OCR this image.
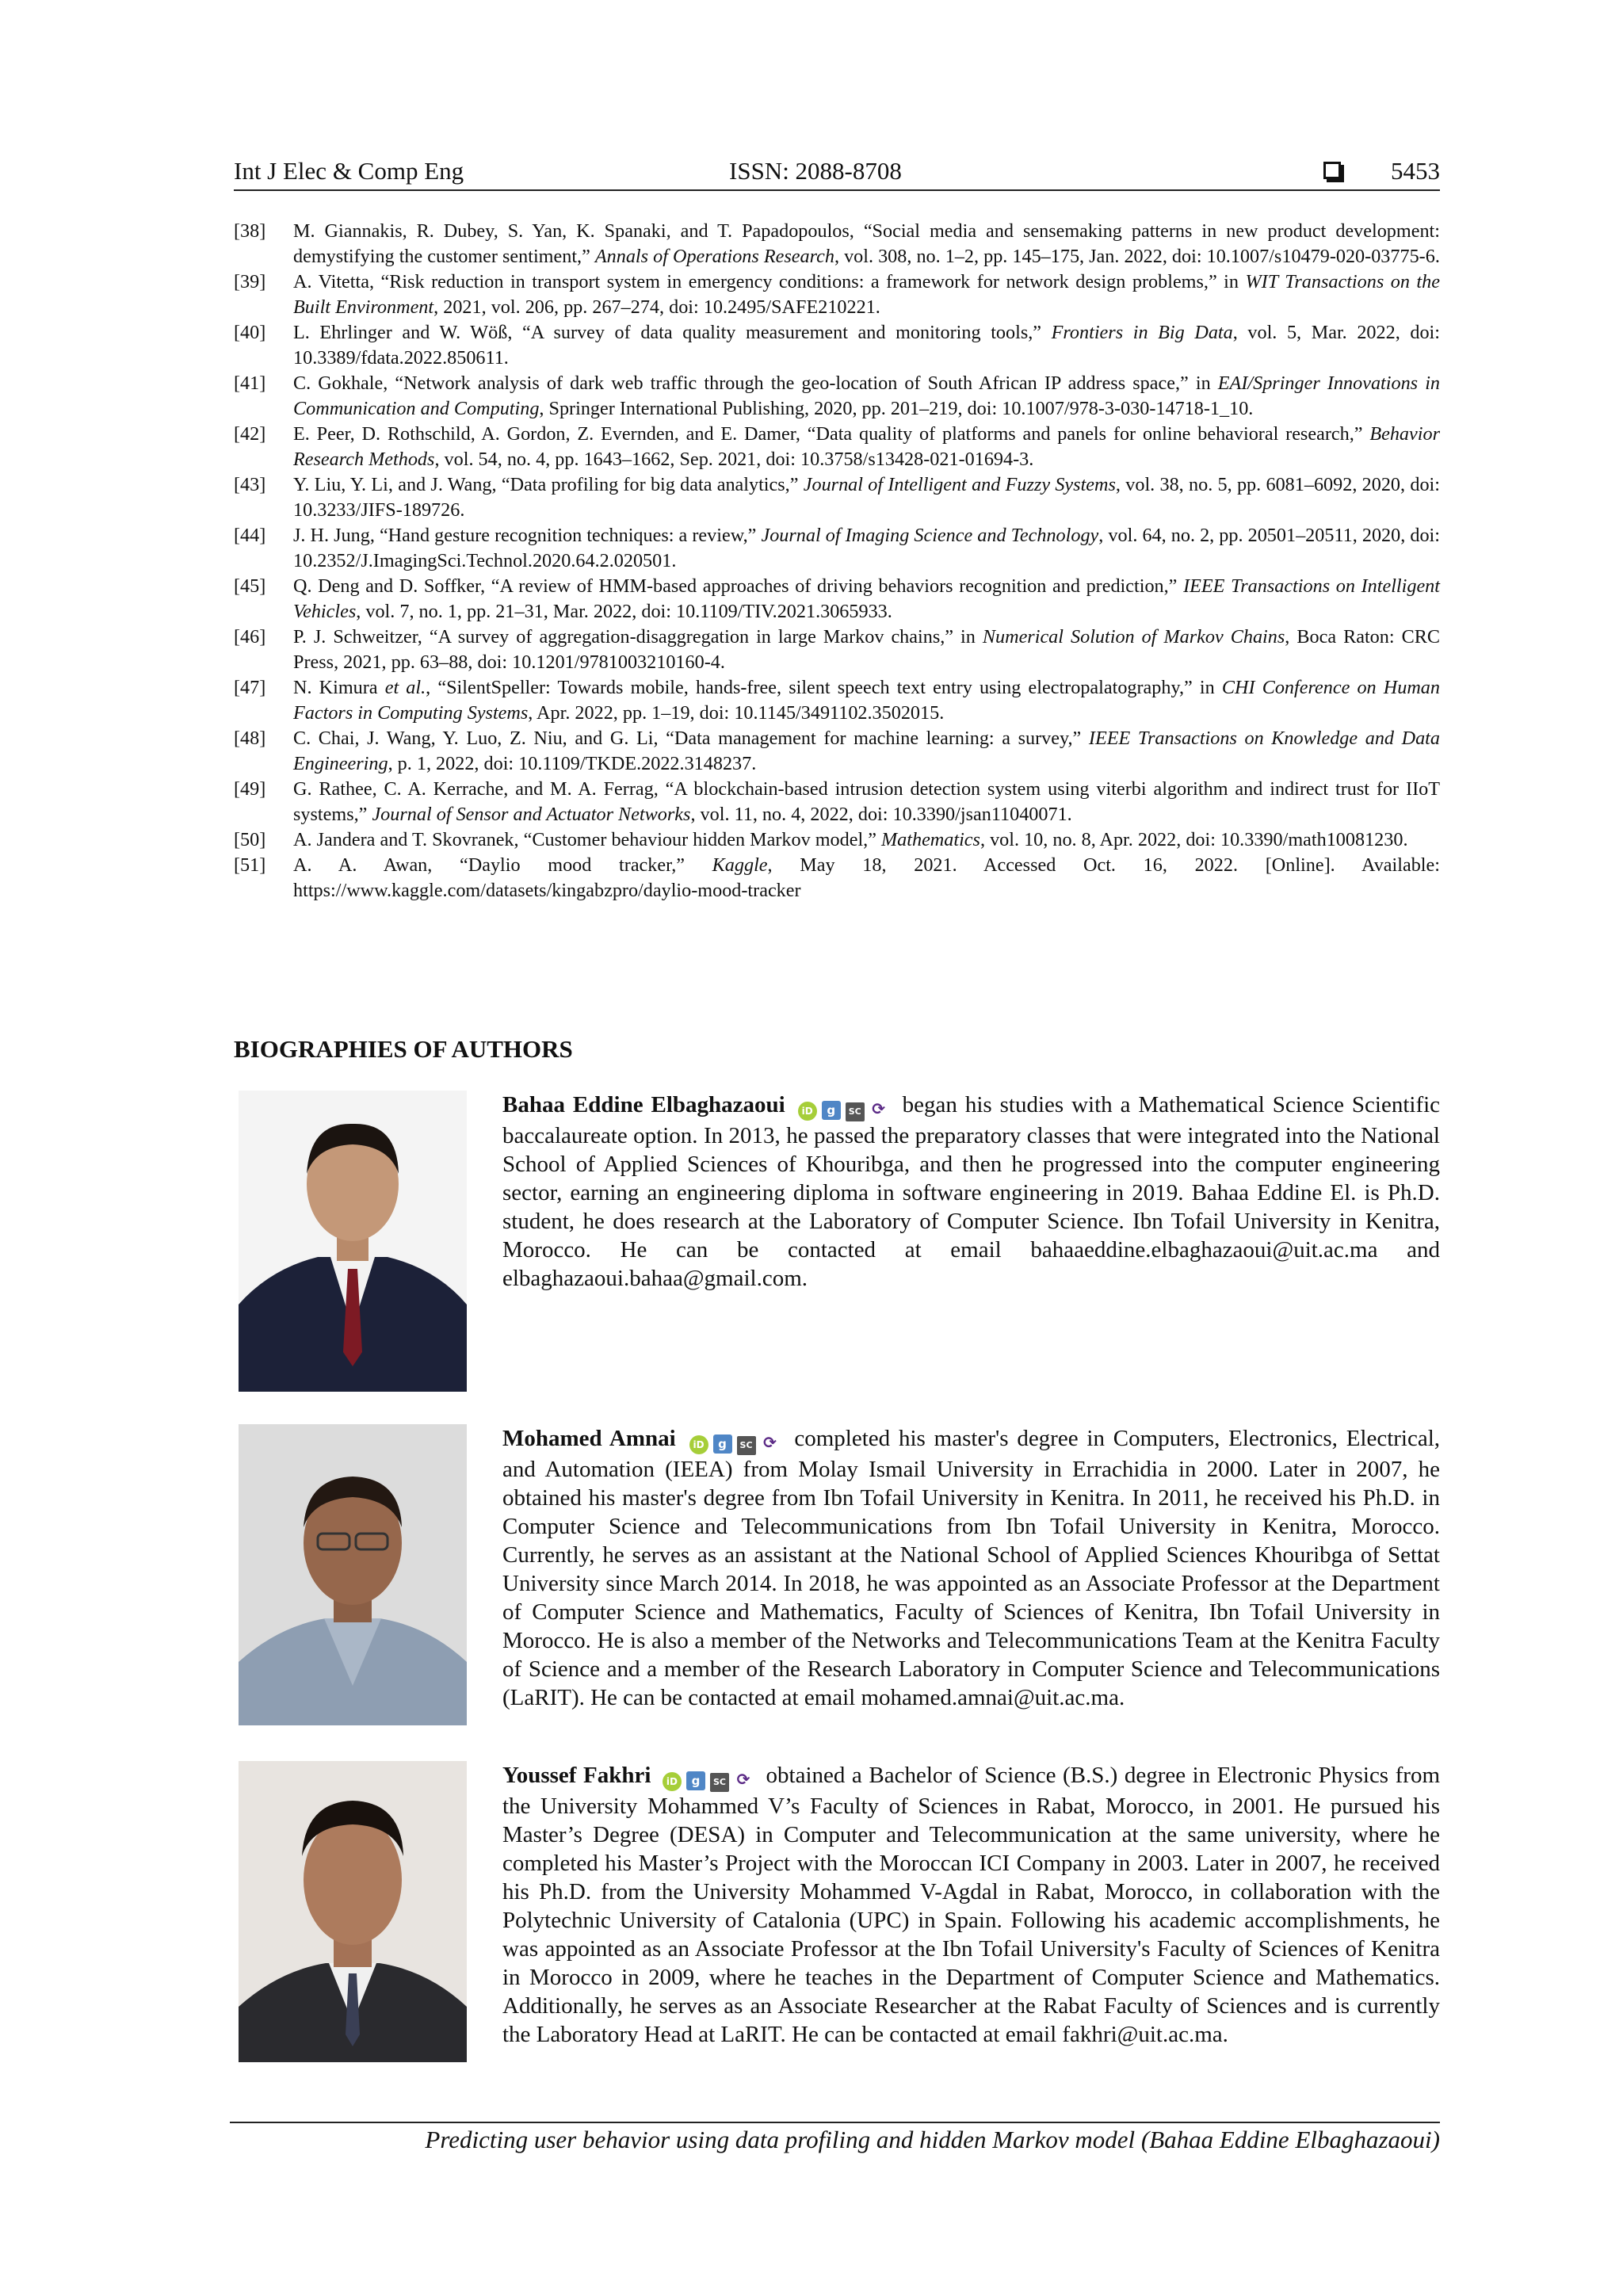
Int J Elec & Comp Eng	ISSN: 2088-8708	5453
[38] M. Giannakis, R. Dubey, S. Yan, K. Spanaki, and T. Papadopoulos, “Social media and sensemaking patterns in new product development: demystifying the customer sentiment,” Annals of Operations Research, vol. 308, no. 1–2, pp. 145–175, Jan. 2022, doi: 10.1007/s10479-020-03775-6.
[39] A. Vitetta, “Risk reduction in transport system in emergency conditions: a framework for network design problems,” in WIT Transactions on the Built Environment, 2021, vol. 206, pp. 267–274, doi: 10.2495/SAFE210221.
[40] L. Ehrlinger and W. Wöß, “A survey of data quality measurement and monitoring tools,” Frontiers in Big Data, vol. 5, Mar. 2022, doi: 10.3389/fdata.2022.850611.
[41] C. Gokhale, “Network analysis of dark web traffic through the geo-location of South African IP address space,” in EAI/Springer Innovations in Communication and Computing, Springer International Publishing, 2020, pp. 201–219, doi: 10.1007/978-3-030-14718-1_10.
[42] E. Peer, D. Rothschild, A. Gordon, Z. Evernden, and E. Damer, “Data quality of platforms and panels for online behavioral research,” Behavior Research Methods, vol. 54, no. 4, pp. 1643–1662, Sep. 2021, doi: 10.3758/s13428-021-01694-3.
[43] Y. Liu, Y. Li, and J. Wang, “Data profiling for big data analytics,” Journal of Intelligent and Fuzzy Systems, vol. 38, no. 5, pp. 6081–6092, 2020, doi: 10.3233/JIFS-189726.
[44] J. H. Jung, “Hand gesture recognition techniques: a review,” Journal of Imaging Science and Technology, vol. 64, no. 2, pp. 20501–20511, 2020, doi: 10.2352/J.ImagingSci.Technol.2020.64.2.020501.
[45] Q. Deng and D. Soffker, “A review of HMM-based approaches of driving behaviors recognition and prediction,” IEEE Transactions on Intelligent Vehicles, vol. 7, no. 1, pp. 21–31, Mar. 2022, doi: 10.1109/TIV.2021.3065933.
[46] P. J. Schweitzer, “A survey of aggregation-disaggregation in large Markov chains,” in Numerical Solution of Markov Chains, Boca Raton: CRC Press, 2021, pp. 63–88, doi: 10.1201/9781003210160-4.
[47] N. Kimura et al., “SilentSpeller: Towards mobile, hands-free, silent speech text entry using electropalatography,” in CHI Conference on Human Factors in Computing Systems, Apr. 2022, pp. 1–19, doi: 10.1145/3491102.3502015.
[48] C. Chai, J. Wang, Y. Luo, Z. Niu, and G. Li, “Data management for machine learning: a survey,” IEEE Transactions on Knowledge and Data Engineering, p. 1, 2022, doi: 10.1109/TKDE.2022.3148237.
[49] G. Rathee, C. A. Kerrache, and M. A. Ferrag, “A blockchain-based intrusion detection system using viterbi algorithm and indirect trust for IIoT systems,” Journal of Sensor and Actuator Networks, vol. 11, no. 4, 2022, doi: 10.3390/jsan11040071.
[50] A. Jandera and T. Skovranek, “Customer behaviour hidden Markov model,” Mathematics, vol. 10, no. 8, Apr. 2022, doi: 10.3390/math10081230.
[51] A. A. Awan, “Daylio mood tracker,” Kaggle, May 18, 2021. Accessed Oct. 16, 2022. [Online]. Available: https://www.kaggle.com/datasets/kingabzpro/daylio-mood-tracker
BIOGRAPHIES OF AUTHORS
Bahaa Eddine Elbaghazaoui iD g SC ⟳ began his studies with a Mathematical Science Scientific baccalaureate option. In 2013, he passed the preparatory classes that were integrated into the National School of Applied Sciences of Khouribga, and then he progressed into the computer engineering sector, earning an engineering diploma in software engineering in 2019. Bahaa Eddine El. is Ph.D. student, he does research at the Laboratory of Computer Science. Ibn Tofail University in Kenitra, Morocco. He can be contacted at email bahaaeddine.elbaghazaoui@uit.ac.ma and elbaghazaoui.bahaa@gmail.com.
Mohamed Amnai iD g SC ⟳ completed his master's degree in Computers, Electronics, Electrical, and Automation (IEEA) from Molay Ismail University in Errachidia in 2000. Later in 2007, he obtained his master's degree from Ibn Tofail University in Kenitra. In 2011, he received his Ph.D. in Computer Science and Telecommunications from Ibn Tofail University in Kenitra, Morocco. Currently, he serves as an assistant at the National School of Applied Sciences Khouribga of Settat University since March 2014. In 2018, he was appointed as an Associate Professor at the Department of Computer Science and Mathematics, Faculty of Sciences of Kenitra, Ibn Tofail University in Morocco. He is also a member of the Networks and Telecommunications Team at the Kenitra Faculty of Science and a member of the Research Laboratory in Computer Science and Telecommunications (LaRIT). He can be contacted at email mohamed.amnai@uit.ac.ma.
Youssef Fakhri iD g SC ⟳ obtained a Bachelor of Science (B.S.) degree in Electronic Physics from the University Mohammed V’s Faculty of Sciences in Rabat, Morocco, in 2001. He pursued his Master’s Degree (DESA) in Computer and Telecommunication at the same university, where he completed his Master’s Project with the Moroccan ICI Company in 2003. Later in 2007, he received his Ph.D. from the University Mohammed V-Agdal in Rabat, Morocco, in collaboration with the Polytechnic University of Catalonia (UPC) in Spain. Following his academic accomplishments, he was appointed as an Associate Professor at the Ibn Tofail University's Faculty of Sciences of Kenitra in Morocco in 2009, where he teaches in the Department of Computer Science and Mathematics. Additionally, he serves as an Associate Researcher at the Rabat Faculty of Sciences and is currently the Laboratory Head at LaRIT. He can be contacted at email fakhri@uit.ac.ma.
Predicting user behavior using data profiling and hidden Markov model (Bahaa Eddine Elbaghazaoui)
